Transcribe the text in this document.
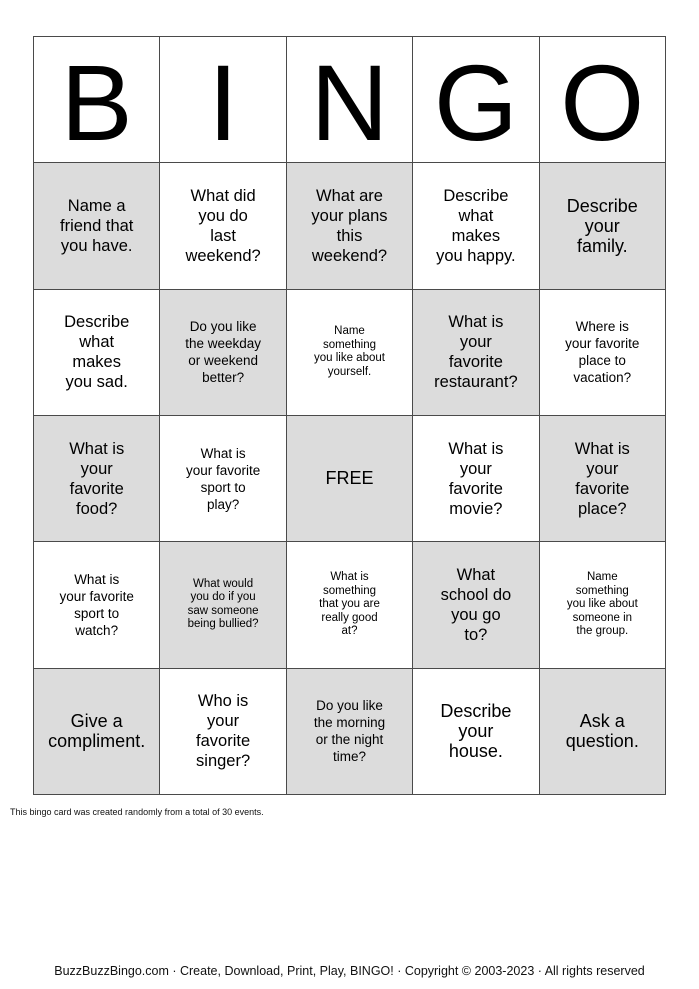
B I N G O
Name a
friend that
you have.
What did
you do
last
weekend?
What are
your plans
this
weekend?
Describe
what
makes
you happy.
Describe
your
family.
Describe
what
makes
you sad.
Do you like
the weekday
or weekend
better?
Name
something
you like about
yourself.
What is
your
favorite
restaurant?
Where is
your favorite
place to
vacation?
What is
your
favorite
food?
What is
your favorite
sport to
play?
FREE
What is
your
favorite
movie?
What is
your
favorite
place?
What is
your favorite
sport to
watch?
What would
you do if you
saw someone
being bullied?
What is
something
that you are
really good
at?
What
school do
you go
to?
Name
something
you like about
someone in
the group.
Give a
compliment.
Who is
your
favorite
singer?
Do you like
the morning
or the night
time?
Describe
your
house.
Ask a
question.
This bingo card was created randomly from a total of 30 events.
BuzzBuzzBingo.com · Create, Download, Print, Play, BINGO! · Copyright © 2003-2023 · All rights reserved
